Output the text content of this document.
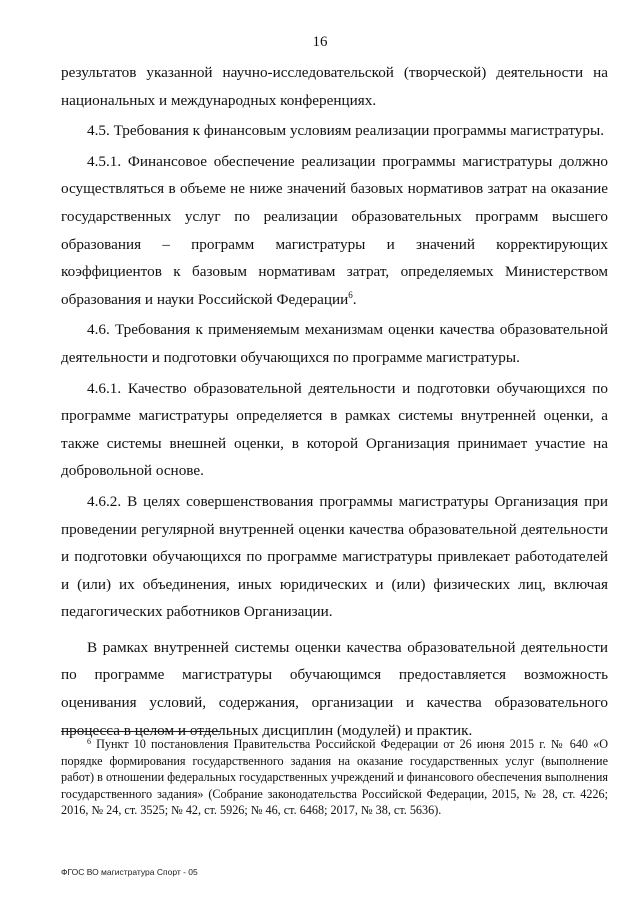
16

результатов указанной научно-исследовательской (творческой) деятельности на национальных и международных конференциях.

4.5. Требования к финансовым условиям реализации программы магистратуры.

4.5.1. Финансовое обеспечение реализации программы магистратуры должно осуществляться в объеме не ниже значений базовых нормативов затрат на оказание государственных услуг по реализации образовательных программ высшего образования – программ магистратуры и значений корректирующих коэффициентов к базовым нормативам затрат, определяемых Министерством образования и науки Российской Федерации$^6$.

4.6. Требования к применяемым механизмам оценки качества образовательной деятельности и подготовки обучающихся по программе магистратуры.

4.6.1. Качество образовательной деятельности и подготовки обучающихся по программе магистратуры определяется в рамках системы внутренней оценки, а также системы внешней оценки, в которой Организация принимает участие на добровольной основе.

4.6.2. В целях совершенствования программы магистратуры Организация при проведении регулярной внутренней оценки качества образовательной деятельности и подготовки обучающихся по программе магистратуры привлекает работодателей и (или) их объединения, иных юридических и (или) физических лиц, включая педагогических работников Организации.

В рамках внутренней системы оценки качества образовательной деятельности по программе магистратуры обучающимся предоставляется возможность оценивания условий, содержания, организации и качества образовательного процесса в целом и отдельных дисциплин (модулей) и практик.

$^6$ Пункт 10 постановления Правительства Российской Федерации от 26 июня 2015 г. № 640 «О порядке формирования государственного задания на оказание государственных услуг (выполнение работ) в отношении федеральных государственных учреждений и финансового обеспечения выполнения государственного задания» (Собрание законодательства Российской Федерации, 2015, № 28, ст. 4226; 2016, № 24, ст. 3525; № 42, ст. 5926; № 46, ст. 6468; 2017, № 38, ст. 5636).

ФГОС ВО магистратура Спорт - 05
